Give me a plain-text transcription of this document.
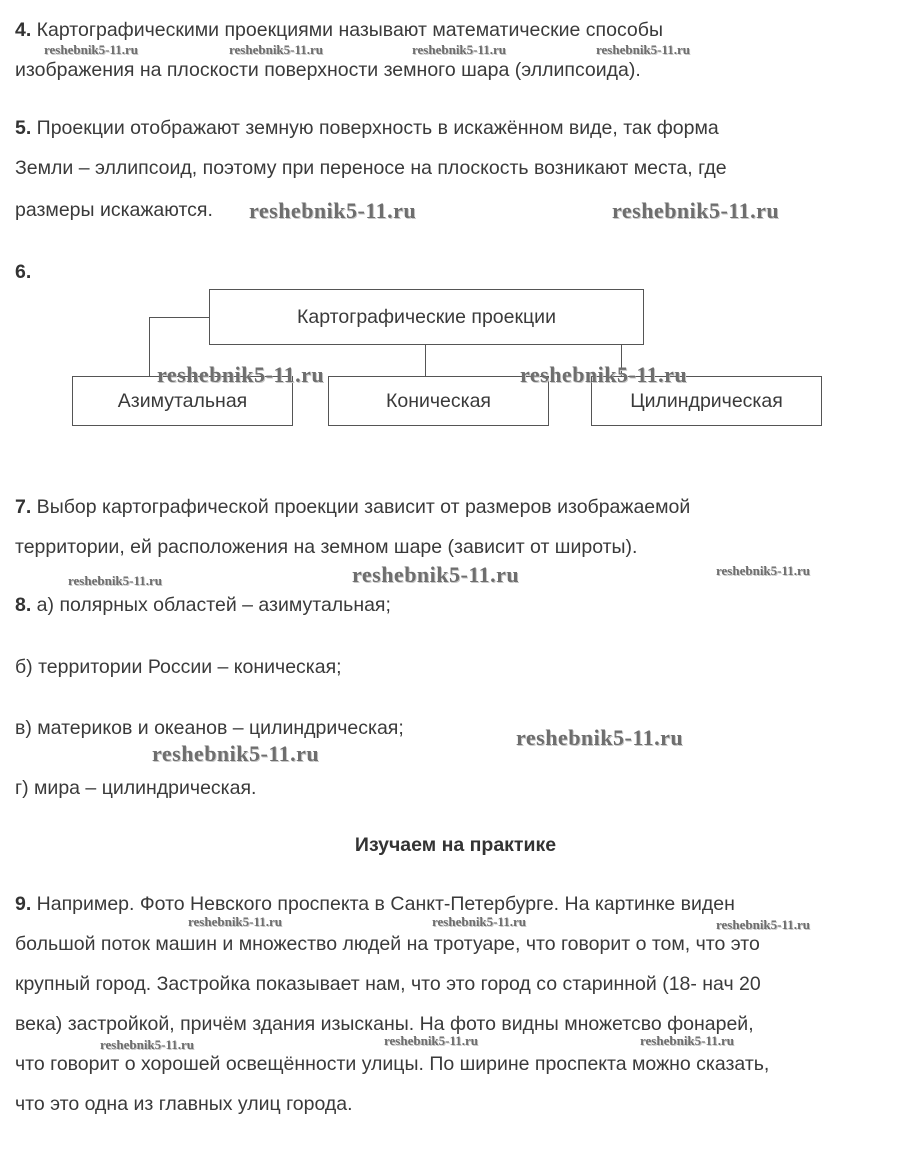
4. Картографическими проекциями называют математические способы
изображения на плоскости поверхности земного шара (эллипсоида).
5. Проекции отображают земную поверхность в искажённом виде, так форма
Земли – эллипсоид, поэтому при переносе на плоскость возникают места, где
размеры искажаются.
6.
Картографические проекции
Азимутальная	Коническая	Цилиндрическая
7. Выбор картографической проекции зависит от размеров изображаемой
территории, ей расположения на земном шаре (зависит от широты).
8. а) полярных областей – азимутальная;
б) территории России – коническая;
в) материков и океанов – цилиндрическая;
г) мира – цилиндрическая.
Изучаем на практике
9. Например. Фото Невского проспекта в Санкт-Петербурге. На картинке виден
большой поток машин и множество людей на тротуаре, что говорит о том, что это
крупный город. Застройка показывает нам, что это город со старинной (18- нач 20
века) застройкой, причём здания изысканы. На фото видны множетсво фонарей,
что говорит о хорошей освещённости улицы. По ширине проспекта можно сказать,
что это одна из главных улиц города.
reshebnik5-11.ru	reshebnik5-11.ru	reshebnik5-11.ru	reshebnik5-11.ru
reshebnik5-11.ru	reshebnik5-11.ru
reshebnik5-11.ru	reshebnik5-11.ru
reshebnik5-11.ru	reshebnik5-11.ru	reshebnik5-11.ru
reshebnik5-11.ru
reshebnik5-11.ru
reshebnik5-11.ru	reshebnik5-11.ru	reshebnik5-11.ru
reshebnik5-11.ru	reshebnik5-11.ru	reshebnik5-11.ru
